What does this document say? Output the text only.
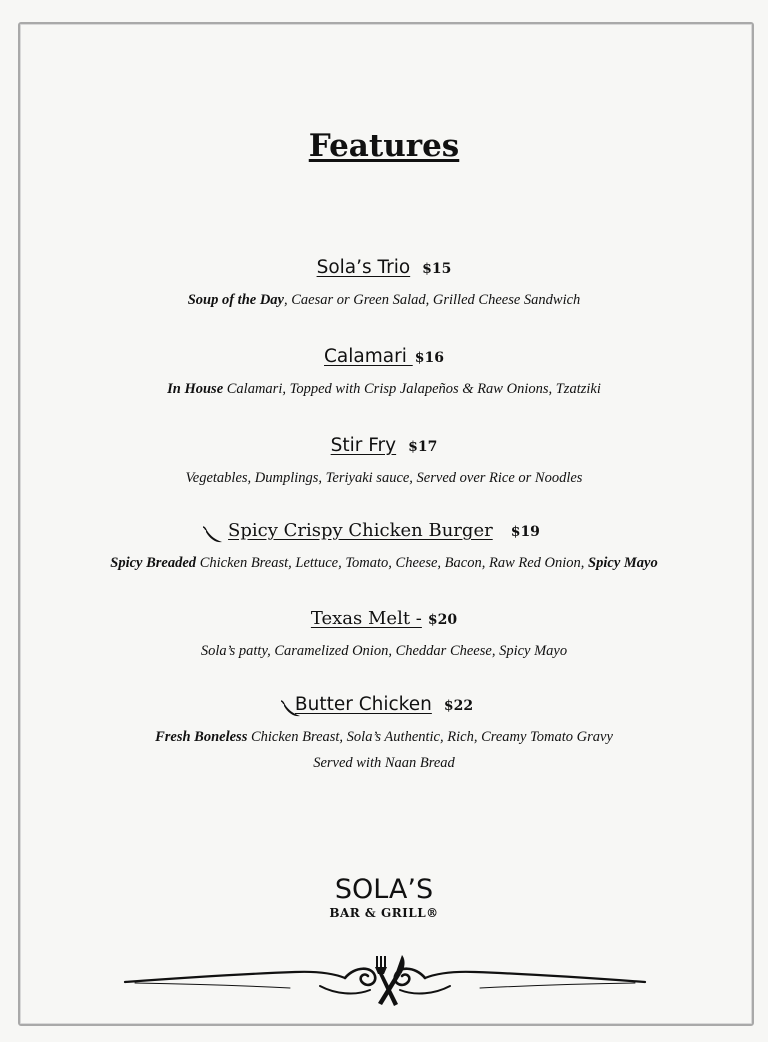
Features
Sola’s Trio $15
Soup of the Day, Caesar or Green Salad, Grilled Cheese Sandwich
Calamari $16
In House Calamari, Topped with Crisp Jalapeños & Raw Onions, Tzatziki
Stir Fry $17
Vegetables, Dumplings, Teriyaki sauce, Served over Rice or Noodles
Spicy Crispy Chicken Burger $19
Spicy Breaded Chicken Breast, Lettuce, Tomato, Cheese, Bacon, Raw Red Onion, Spicy Mayo
Texas Melt - $20
Sola’s patty, Caramelized Onion, Cheddar Cheese, Spicy Mayo
Butter Chicken $22
Fresh Boneless Chicken Breast, Sola’s Authentic, Rich, Creamy Tomato Gravy
Served with Naan Bread
SOLA’S
BAR & GRILL®
